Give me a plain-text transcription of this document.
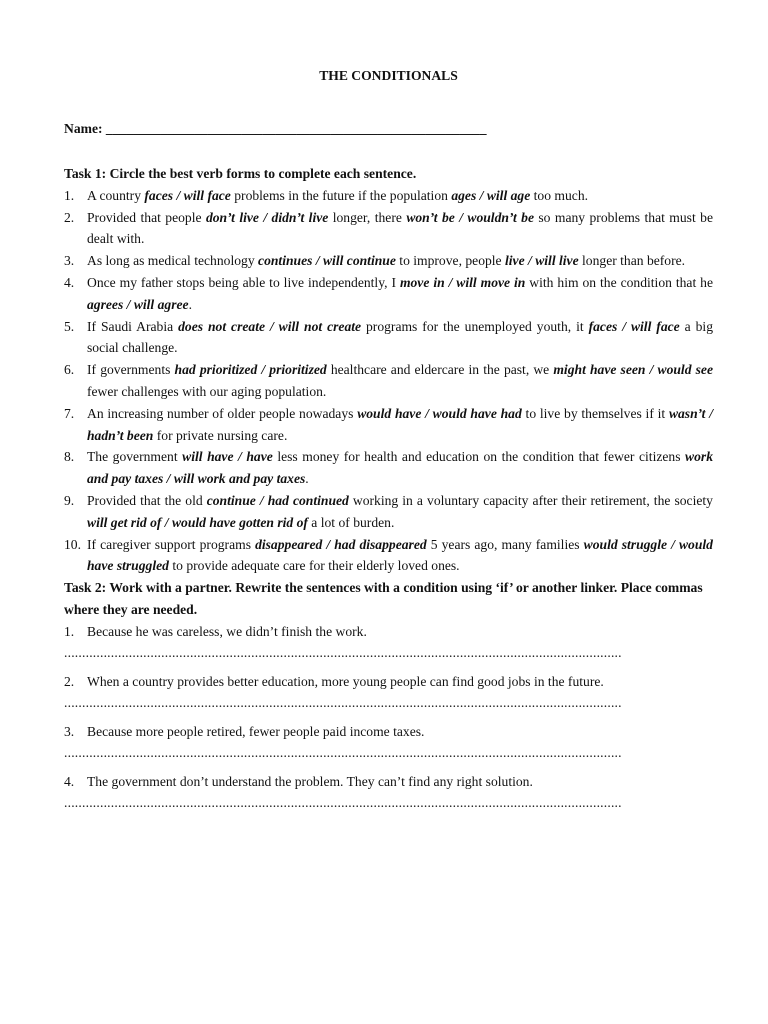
THE CONDITIONALS

Name: ________________________________________________________

Task 1: Circle the best verb forms to complete each sentence.

1. A country faces / will face problems in the future if the population ages / will age too much.
2. Provided that people don’t live / didn’t live longer, there won’t be / wouldn’t be so many problems that must be dealt with.
3. As long as medical technology continues / will continue to improve, people live / will live longer than before.
4. Once my father stops being able to live independently, I move in / will move in with him on the condition that he agrees / will agree.
5. If Saudi Arabia does not create / will not create programs for the unemployed youth, it faces / will face a big social challenge.
6. If governments had prioritized / prioritized healthcare and eldercare in the past, we might have seen / would see fewer challenges with our aging population.
7. An increasing number of older people nowadays would have / would have had to live by themselves if it wasn’t / hadn’t been for private nursing care.
8. The government will have / have less money for health and education on the condition that fewer citizens work and pay taxes / will work and pay taxes.
9. Provided that the old continue / had continued working in a voluntary capacity after their retirement, the society will get rid of / would have gotten rid of a lot of burden.
10. If caregiver support programs disappeared / had disappeared 5 years ago, many families would struggle / would have struggled to provide adequate care for their elderly loved ones.

Task 2: Work with a partner. Rewrite the sentences with a condition using ‘if’ or another linker. Place commas where they are needed.

1. Because he was careless, we didn’t finish the work.
...........................................................................................................................................................
2. When a country provides better education, more young people can find good jobs in the future.
...........................................................................................................................................................
3. Because more people retired, fewer people paid income taxes.
...........................................................................................................................................................
4. The government don’t understand the problem. They can’t find any right solution.
...........................................................................................................................................................
